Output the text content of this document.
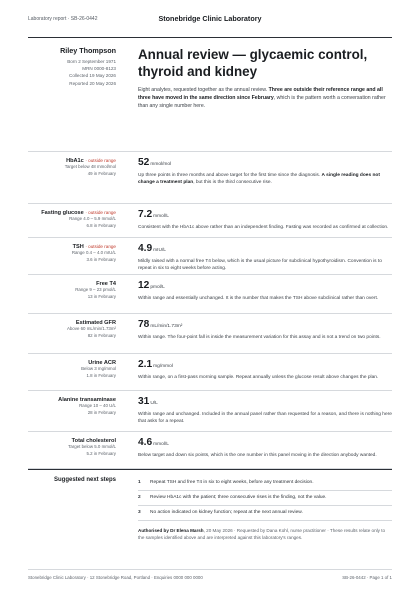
Laboratory report · SB-26-0442	Stonebridge Clinic Laboratory
Riley Thompson
Born 2 September 1971
MRN 0000-8123
Collected 19 May 2026
Reported 20 May 2026
Annual review — glycaemic control, thyroid and kidney

Eight analytes, requested together as the annual review. Three are outside their reference range and all three have moved in the same direction since February, which is the pattern worth a conversation rather than any single number here.

HbA1c · outside range
Target below 48 mmol/mol
49 in February
52mmol/mol

Up three points in three months and above target for the first time since the diagnosis. A single reading does not change a treatment plan, but this is the third consecutive rise.

Fasting glucose · outside range
Range 4.0 – 5.9 mmol/L
6.8 in February
7.2mmol/L

Consistent with the HbA1c above rather than an independent finding. Fasting was recorded as confirmed at collection.

TSH · outside range
Range 0.4 – 4.0 mIU/L
3.6 in February
4.9mIU/L

Mildly raised with a normal free T4 below, which is the usual picture for subclinical hypothyroidism. Convention is to repeat in six to eight weeks before acting.

Free T4
Range 9 – 23 pmol/L
13 in February
12pmol/L

Within range and essentially unchanged. It is the number that makes the TSH above subclinical rather than overt.

Estimated GFR
Above 60 mL/min/1.73m²
82 in February
78mL/min/1.73m²

Within range. The four-point fall is inside the measurement variation for this assay and is not a trend on two points.

Urine ACR
Below 3 mg/mmol
1.8 in February
2.1mg/mmol

Within range, on a first-pass morning sample. Repeat annually unless the glucose result above changes the plan.

Alanine transaminase
Range 10 – 40 U/L
28 in February
31U/L

Within range and unchanged. Included in the annual panel rather than requested for a reason, and there is nothing here that asks for a repeat.

Total cholesterol
Target below 5.0 mmol/L
5.2 in February
4.6mmol/L

Below target and down six points, which is the one number in this panel moving in the direction anybody wanted.

Suggested next steps	1	Repeat TSH and free T4 in six to eight weeks, before any treatment decision.
2	Review HbA1c with the patient; three consecutive rises is the finding, not the value.
3	No action indicated on kidney function; repeat at the next annual review.

Authorised by Dr Elena Marsh, 20 May 2026 · Requested by Dana Kohl, nurse practitioner · These results relate only to the samples identified above and are interpreted against this laboratory's ranges.

Stonebridge Clinic Laboratory · 12 Stonebridge Road, Portland · Enquiries 0000 000 0000	SB-26-0442 · Page 1 of 1
